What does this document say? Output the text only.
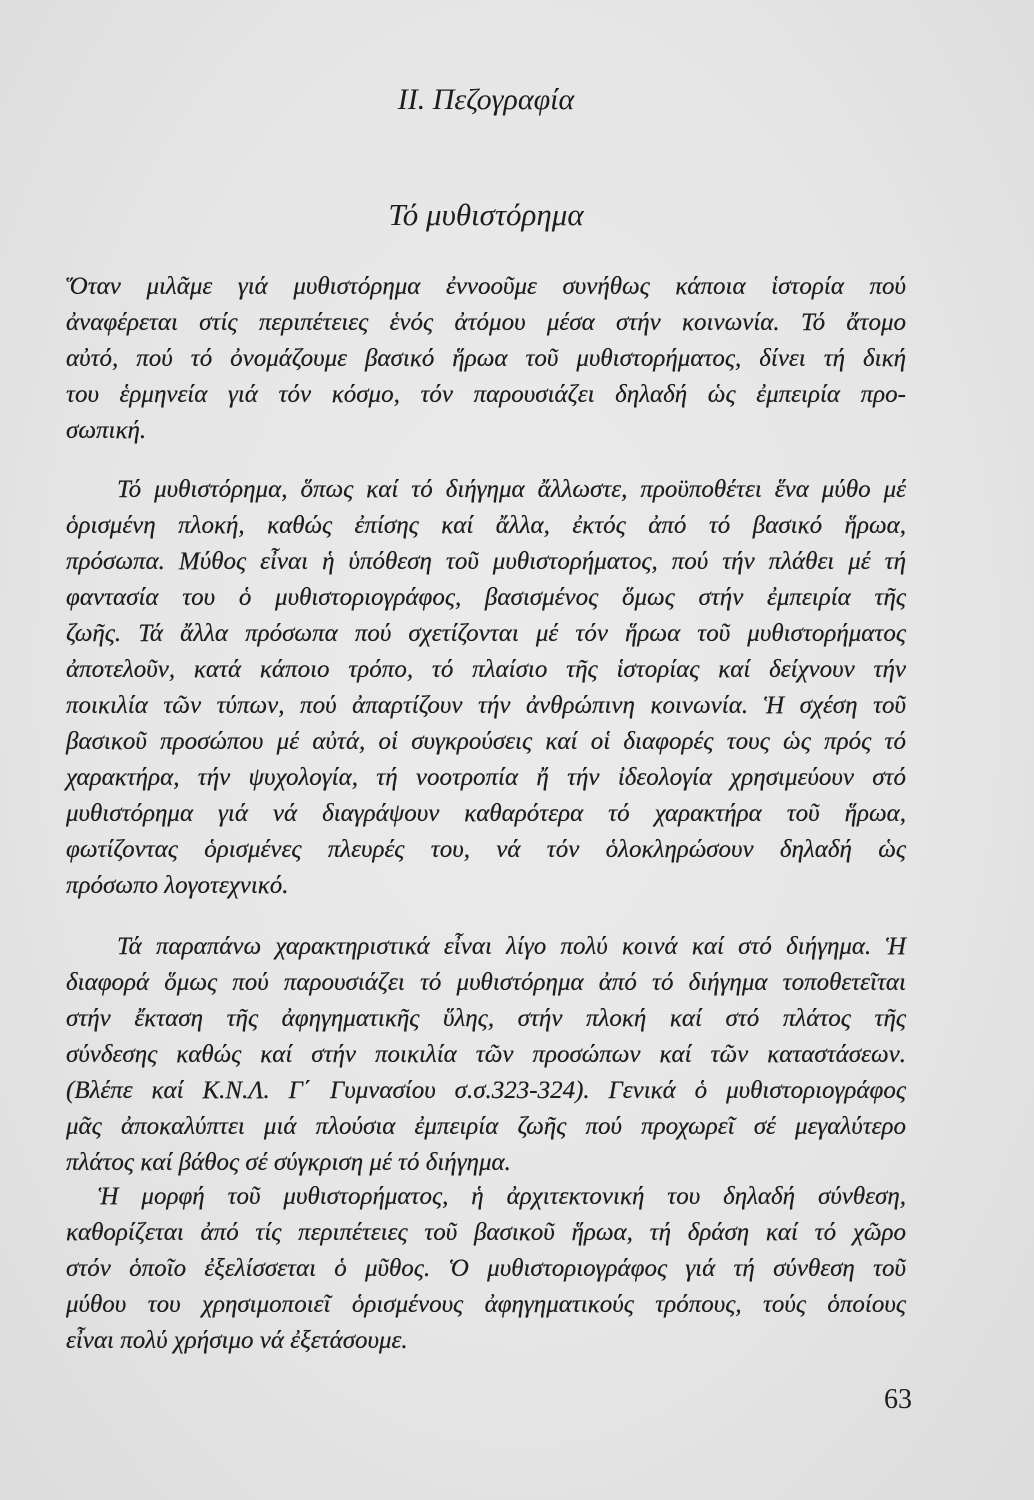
II. Πεζογραφία
Τό μυθιστόρημα
Ὅταν μιλᾶμε γιά μυθιστόρημα ἐννοοῦμε συνήθως κάποια ἱστορία πού
ἀναφέρεται στίς περιπέτειες ἑνός ἀτόμου μέσα στήν κοινωνία. Τό ἄτομο
αὐτό, πού τό ὀνομάζουμε βασικό ἥρωα τοῦ μυθιστορήματος, δίνει τή δική
του ἑρμηνεία γιά τόν κόσμο, τόν παρουσιάζει δηλαδή ὡς ἐμπειρία προ-
σωπική.
Τό μυθιστόρημα, ὅπως καί τό διήγημα ἄλλωστε, προϋποθέτει ἕνα μύθο μέ
ὁρισμένη πλοκή, καθώς ἐπίσης καί ἄλλα, ἐκτός ἀπό τό βασικό ἥρωα,
πρόσωπα. Μύθος εἶναι ἡ ὑπόθεση τοῦ μυθιστορήματος, πού τήν πλάθει μέ τή
φαντασία του ὁ μυθιστοριογράφος, βασισμένος ὅμως στήν ἐμπειρία τῆς
ζωῆς. Τά ἄλλα πρόσωπα πού σχετίζονται μέ τόν ἥρωα τοῦ μυθιστορήματος
ἀποτελοῦν, κατά κάποιο τρόπο, τό πλαίσιο τῆς ἱστορίας καί δείχνουν τήν
ποικιλία τῶν τύπων, πού ἀπαρτίζουν τήν ἀνθρώπινη κοινωνία. Ἡ σχέση τοῦ
βασικοῦ προσώπου μέ αὐτά, οἱ συγκρούσεις καί οἱ διαφορές τους ὡς πρός τό
χαρακτήρα, τήν ψυχολογία, τή νοοτροπία ἤ τήν ἰδεολογία χρησιμεύουν στό
μυθιστόρημα γιά νά διαγράψουν καθαρότερα τό χαρακτήρα τοῦ ἥρωα,
φωτίζοντας ὁρισμένες πλευρές του, νά τόν ὁλοκληρώσουν δηλαδή ὡς
πρόσωπο λογοτεχνικό.
Τά παραπάνω χαρακτηριστικά εἶναι λίγο πολύ κοινά καί στό διήγημα. Ἡ
διαφορά ὅμως πού παρουσιάζει τό μυθιστόρημα ἀπό τό διήγημα τοποθετεῖται
στήν ἔκταση τῆς ἀφηγηματικῆς ὕλης, στήν πλοκή καί στό πλάτος τῆς
σύνδεσης καθώς καί στήν ποικιλία τῶν προσώπων καί τῶν καταστάσεων.
(Βλέπε καί Κ.Ν.Λ. Γ΄ Γυμνασίου σ.σ.323-324). Γενικά ὁ μυθιστοριογράφος
μᾶς ἀποκαλύπτει μιά πλούσια ἐμπειρία ζωῆς πού προχωρεῖ σέ μεγαλύτερο
πλάτος καί βάθος σέ σύγκριση μέ τό διήγημα.
Ἡ μορφή τοῦ μυθιστορήματος, ἡ ἀρχιτεκτονική του δηλαδή σύνθεση,
καθορίζεται ἀπό τίς περιπέτειες τοῦ βασικοῦ ἥρωα, τή δράση καί τό χῶρο
στόν ὁποῖο ἐξελίσσεται ὁ μῦθος. Ὁ μυθιστοριογράφος γιά τή σύνθεση τοῦ
μύθου του χρησιμοποιεῖ ὁρισμένους ἀφηγηματικούς τρόπους, τούς ὁποίους
εἶναι πολύ χρήσιμο νά ἐξετάσουμε.
63
